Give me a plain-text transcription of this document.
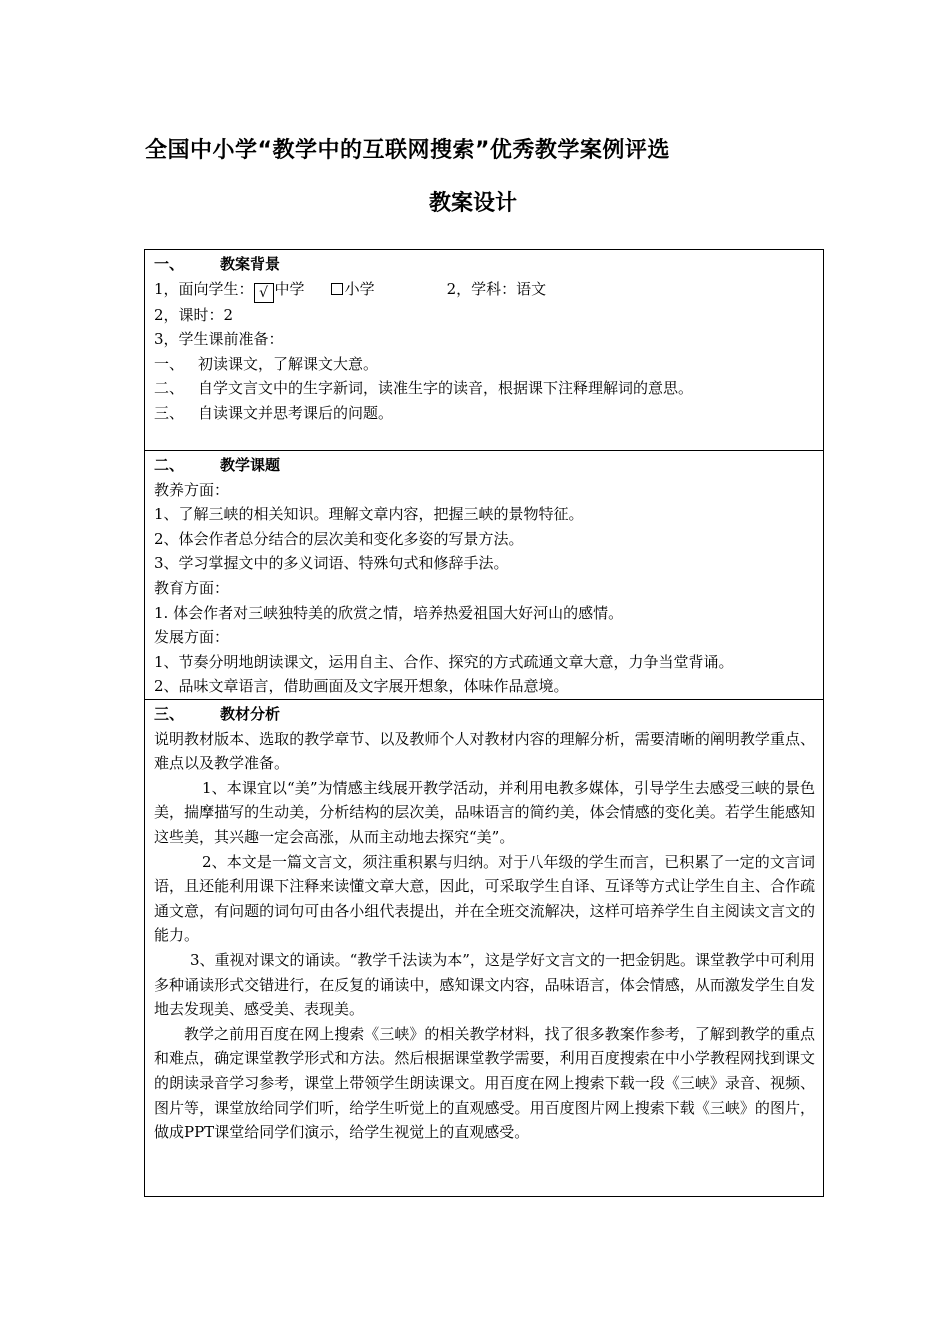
全国中小学“教学中的互联网搜索”优秀教学案例评选
教案设计
一、 教案背景
1，面向学生： √ 中学	小学	2，学科：语文
2，课时：2
3，学生课前准备：
一、 初读课文，了解课文大意。
二、 自学文言文中的生字新词，读准生字的读音，根据课下注释理解词的意思。
三、 自读课文并思考课后的问题。
二、 教学课题
教养方面：
1、了解三峡的相关知识。理解文章内容，把握三峡的景物特征。
2、体会作者总分结合的层次美和变化多姿的写景方法。
3、学习掌握文中的多义词语、特殊句式和修辞手法。
教育方面：
1. 体会作者对三峡独特美的欣赏之情，培养热爱祖国大好河山的感情。
发展方面：
1、节奏分明地朗读课文，运用自主、合作、探究的方式疏通文章大意，力争当堂背诵。
2、品味文章语言，借助画面及文字展开想象，体味作品意境。
三、 教材分析
说明教材版本、选取的教学章节、以及教师个人对教材内容的理解分析，需要清晰的阐明教学重点、难点以及教学准备。
1、本课宜以“美”为情感主线展开教学活动，并利用电教多媒体，引导学生去感受三峡的景色美，揣摩描写的生动美，分析结构的层次美，品味语言的简约美，体会情感的变化美。若学生能感知这些美，其兴趣一定会高涨，从而主动地去探究“美”。
2、本文是一篇文言文，须注重积累与归纳。对于八年级的学生而言，已积累了一定的文言词语，且还能利用课下注释来读懂文章大意，因此，可采取学生自译、互译等方式让学生自主、合作疏通文意，有问题的词句可由各小组代表提出，并在全班交流解决，这样可培养学生自主阅读文言文的能力。
3、重视对课文的诵读。“教学千法读为本”，这是学好文言文的一把金钥匙。课堂教学中可利用多种诵读形式交错进行，在反复的诵读中，感知课文内容，品味语言，体会情感，从而激发学生自发地去发现美、感受美、表现美。
教学之前用百度在网上搜索《三峡》的相关教学材料，找了很多教案作参考，了解到教学的重点和难点，确定课堂教学形式和方法。然后根据课堂教学需要，利用百度搜索在中小学教程网找到课文的朗读录音学习参考，课堂上带领学生朗读课文。用百度在网上搜索下载一段《三峡》录音、视频、图片等，课堂放给同学们听，给学生听觉上的直观感受。用百度图片网上搜索下载《三峡》的图片，做成PPT课堂给同学们演示，给学生视觉上的直观感受。
